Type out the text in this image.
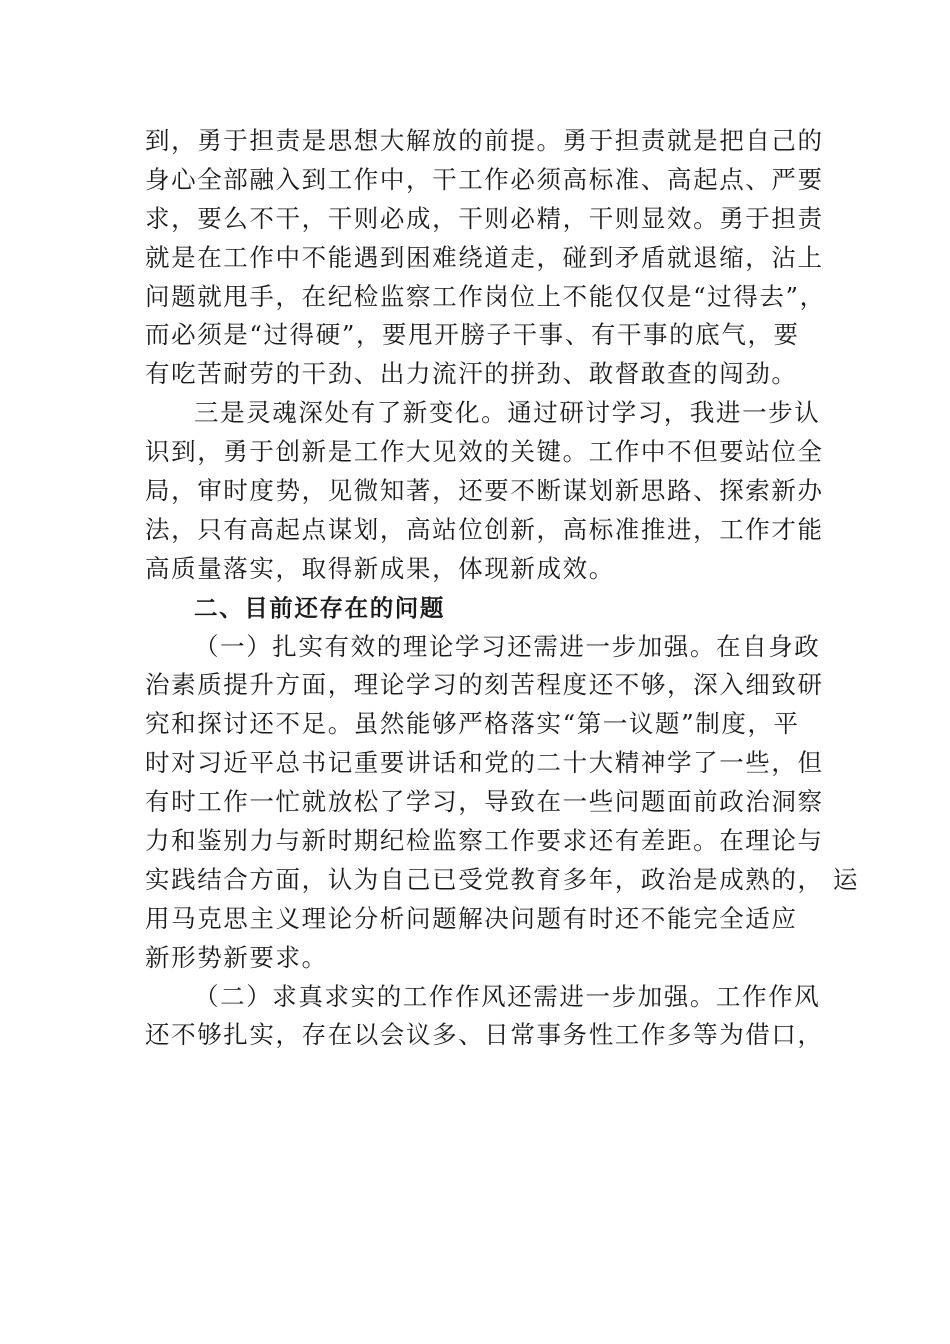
到，勇于担责是思想大解放的前提。勇于担责就是把自己的
身心全部融入到工作中，干工作必须高标准、高起点、严要
求，要么不干，干则必成，干则必精，干则显效。勇于担责
就是在工作中不能遇到困难绕道走，碰到矛盾就退缩，沾上
问题就甩手，在纪检监察工作岗位上不能仅仅是“过得去”，
而必须是“过得硬”，要甩开膀子干事、有干事的底气，要
有吃苦耐劳的干劲、出力流汗的拼劲、敢督敢查的闯劲。
三是灵魂深处有了新变化。通过研讨学习，我进一步认
识到，勇于创新是工作大见效的关键。工作中不但要站位全
局，审时度势，见微知著，还要不断谋划新思路、探索新办
法，只有高起点谋划，高站位创新，高标准推进，工作才能
高质量落实，取得新成果，体现新成效。
二、目前还存在的问题
（一）扎实有效的理论学习还需进一步加强。在自身政
治素质提升方面，理论学习的刻苦程度还不够，深入细致研
究和探讨还不足。虽然能够严格落实“第一议题”制度，平
时对习近平总书记重要讲话和党的二十大精神学了一些，但
有时工作一忙就放松了学习，导致在一些问题面前政治洞察
力和鉴别力与新时期纪检监察工作要求还有差距。在理论与
实践结合方面，认为自己已受党教育多年，政治是成熟的， 运
用马克思主义理论分析问题解决问题有时还不能完全适应
新形势新要求。
（二）求真求实的工作作风还需进一步加强。工作作风
还不够扎实，存在以会议多、日常事务性工作多等为借口，
